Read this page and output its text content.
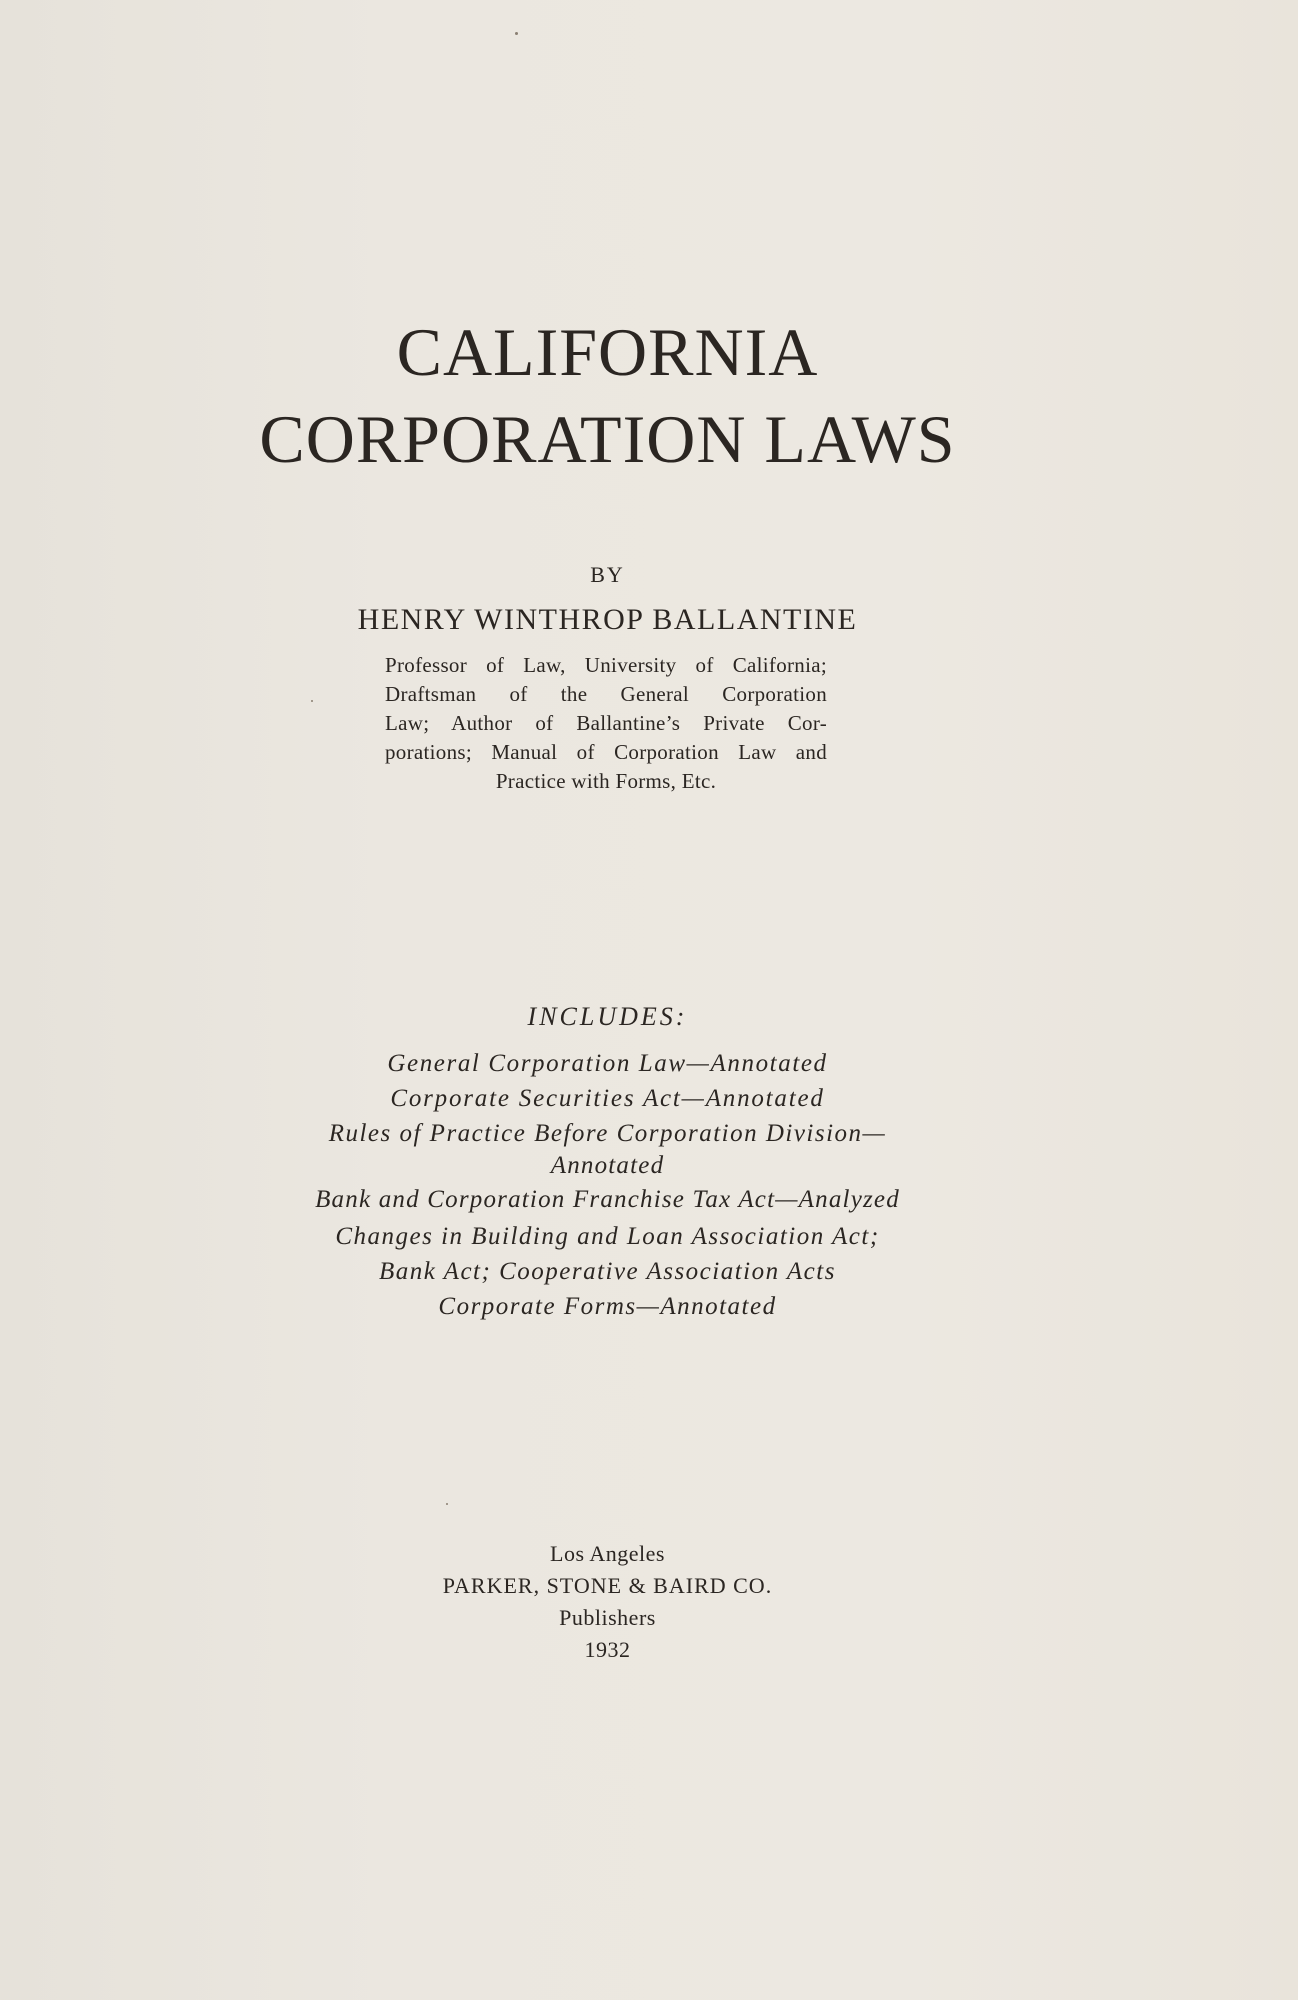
CALIFORNIA
CORPORATION LAWS
BY
HENRY WINTHROP BALLANTINE
Professor of Law, University of California;
Draftsman of the General Corporation
Law; Author of Ballantine’s Private Cor-
porations; Manual of Corporation Law and
Practice with Forms, Etc.
INCLUDES:
General Corporation Law—Annotated
Corporate Securities Act—Annotated
Rules of Practice Before Corporation Division—
Annotated
Bank and Corporation Franchise Tax Act—Analyzed
Changes in Building and Loan Association Act;
Bank Act; Cooperative Association Acts
Corporate Forms—Annotated
Los Angeles
PARKER, STONE & BAIRD CO.
Publishers
1932
